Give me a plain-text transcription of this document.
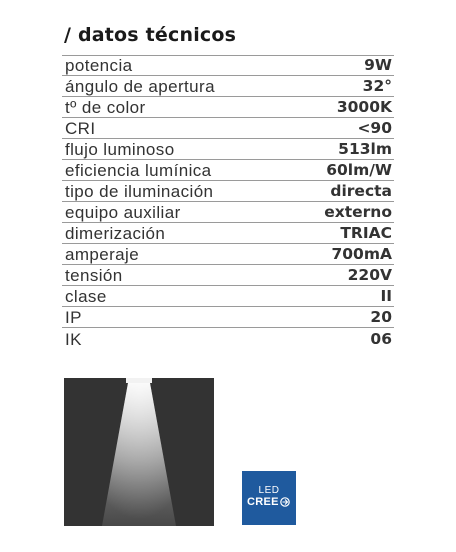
/ datos técnicos
potencia	9W
ángulo de apertura	32°
tº de color	3000K
CRI	<90
flujo luminoso	513lm
eficiencia lumínica	60lm/W
tipo de iluminación	directa
equipo auxiliar	externo
dimerización	TRIAC
amperaje	700mA
tensión	220V
clase	II
IP	20
IK	06
LED
CREE
